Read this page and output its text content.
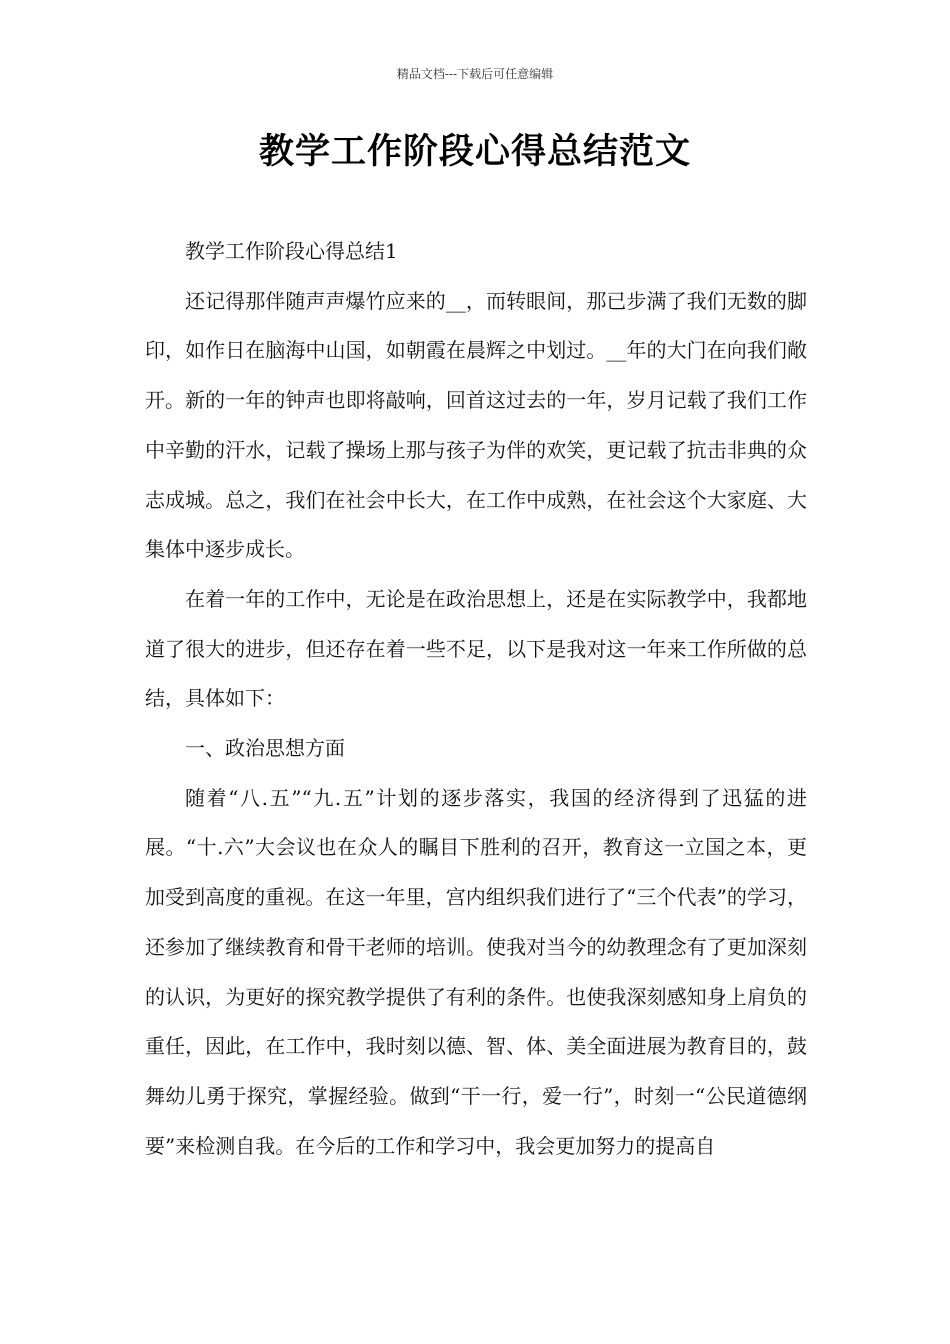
精品文档---下载后可任意编辑
教学工作阶段心得总结范文

教学工作阶段心得总结1

还记得那伴随声声爆竹应来的__，而转眼间，那已步满了我们无数的脚印，如作日在脑海中山国，如朝霞在晨辉之中划过。__年的大门在向我们敞开。新的一年的钟声也即将敲响，回首这过去的一年，岁月记载了我们工作中辛勤的汗水，记载了操场上那与孩子为伴的欢笑，更记载了抗击非典的众志成城。总之，我们在社会中长大，在工作中成熟，在社会这个大家庭、大集体中逐步成长。

在着一年的工作中，无论是在政治思想上，还是在实际教学中，我都地道了很大的进步，但还存在着一些不足，以下是我对这一年来工作所做的总结，具体如下：

一、政治思想方面

随着“八.五”“九.五”计划的逐步落实，我国的经济得到了迅猛的进展。“十.六”大会议也在众人的瞩目下胜利的召开，教育这一立国之本，更加受到高度的重视。在这一年里，宫内组织我们进行了“三个代表”的学习，还参加了继续教育和骨干老师的培训。使我对当今的幼教理念有了更加深刻的认识，为更好的探究教学提供了有利的条件。也使我深刻感知身上肩负的重任，因此，在工作中，我时刻以德、智、体、美全面进展为教育目的，鼓舞幼儿勇于探究，掌握经验。做到“干一行，爱一行”，时刻一“公民道德纲要”来检测自我。在今后的工作和学习中，我会更加努力的提高自
